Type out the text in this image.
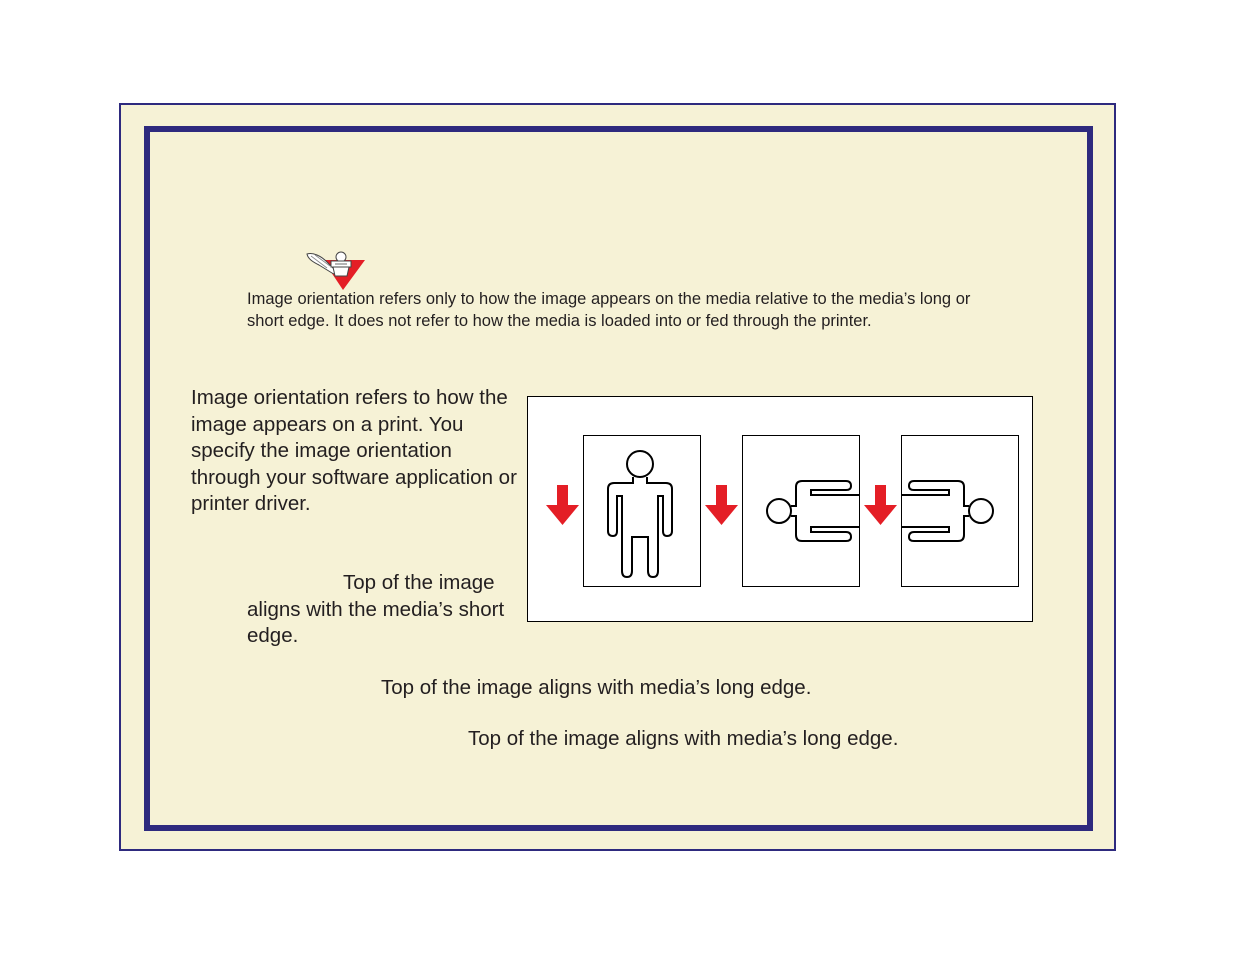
Image orientation refers only to how the image appears on the media relative to the media’s long or short edge. It does not refer to how the media is loaded into or fed through the printer.

Image orientation refers to how the image appears on a print. You specify the image orientation through your software application or printer driver.

Top of the image
aligns with the media’s short edge.

Top of the image aligns with media’s long edge.

Top of the image aligns with media’s long edge.
